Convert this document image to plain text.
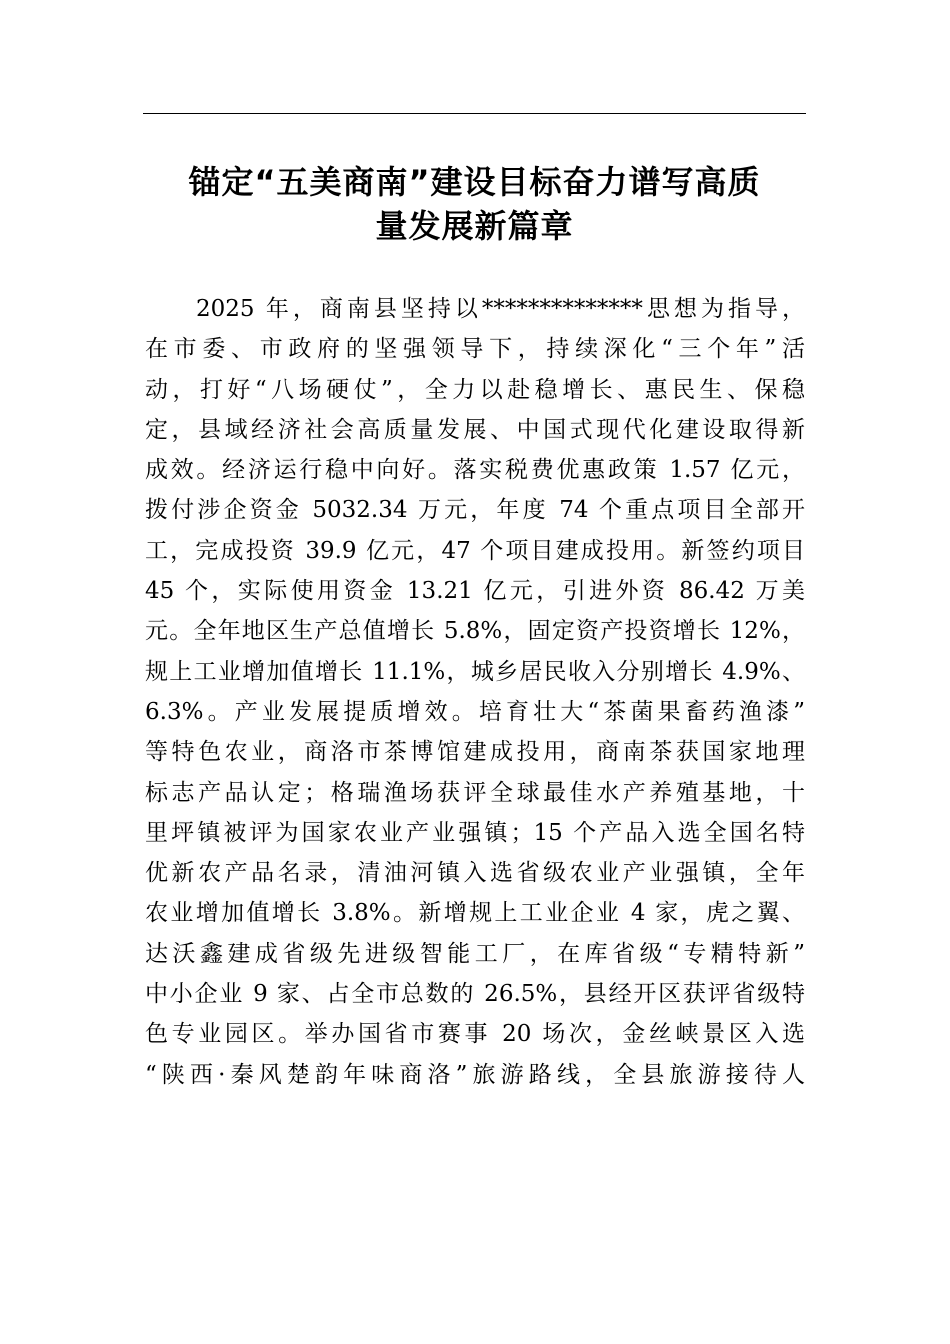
锚定“五美商南”建设目标奋力谱写高质
量发展新篇章
2025 年，商南县坚持以**************思想为指导，
在市委、市政府的坚强领导下，持续深化“三个年”活
动，打好“八场硬仗”，全力以赴稳增长、惠民生、保稳
定，县域经济社会高质量发展、中国式现代化建设取得新
成效。经济运行稳中向好。落实税费优惠政策 1.57 亿元，
拨付涉企资金 5032.34 万元，年度 74 个重点项目全部开
工，完成投资 39.9 亿元，47 个项目建成投用。新签约项目
45 个，实际使用资金 13.21 亿元，引进外资 86.42 万美
元。全年地区生产总值增长 5.8%，固定资产投资增长 12%，
规上工业增加值增长 11.1%，城乡居民收入分别增长 4.9%、
6.3%。产业发展提质增效。培育壮大“茶菌果畜药渔漆”
等特色农业，商洛市茶博馆建成投用，商南茶获国家地理
标志产品认定；格瑞渔场获评全球最佳水产养殖基地，十
里坪镇被评为国家农业产业强镇；15 个产品入选全国名特
优新农产品名录，清油河镇入选省级农业产业强镇，全年
农业增加值增长 3.8%。新增规上工业企业 4 家，虎之翼、
达沃鑫建成省级先进级智能工厂，在库省级“专精特新”
中小企业 9 家、占全市总数的 26.5%，县经开区获评省级特
色专业园区。举办国省市赛事 20 场次，金丝峡景区入选
“陕西·秦风楚韵年味商洛”旅游路线，全县旅游接待人
